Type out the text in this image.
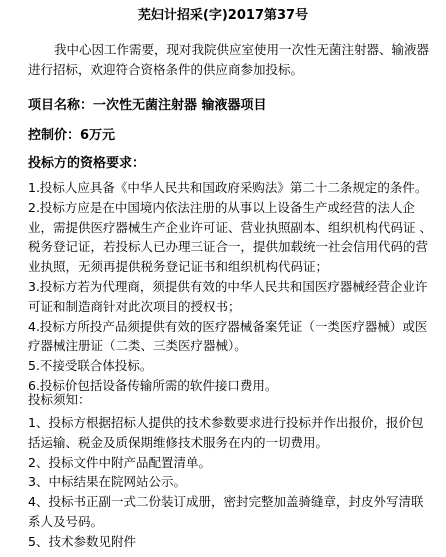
芜妇计招采(字)2017第37号
我中心因工作需要，现对我院供应室使用一次性无菌注射器、输液器进行招标，欢迎符合资格条件的供应商参加投标。
项目名称：一次性无菌注射器 输液器项目
控制价：6万元
投标方的资格要求：
1.投标人应具备《中华人民共和国政府采购法》第二十二条规定的条件。
2.投标方应是在中国境内依法注册的从事以上设备生产或经营的法人企业，需提供医疗器械生产企业许可证、营业执照副本、组织机构代码证 、税务登记证，若投标人已办理三证合一，提供加载统一社会信用代码的营业执照，无须再提供税务登记证书和组织机构代码证；
3.投标方若为代理商，须提供有效的中华人民共和国医疗器械经营企业许可证和制造商针对此次项目的授权书；
4.投标方所投产品须提供有效的医疗器械备案凭证（一类医疗器械）或医疗器械注册证（二类、三类医疗器械）。
5.不接受联合体投标。
6.投标价包括设备传输所需的软件接口费用。
投标须知：
1、投标方根据招标人提供的技术参数要求进行投标并作出报价，报价包括运输、税金及质保期维修技术服务在内的一切费用。
2、投标文件中附产品配置清单。
3、中标结果在院网站公示。
4、投标书正副一式二份装订成册，密封完整加盖骑缝章，封皮外写清联系人及号码。
5、技术参数见附件
